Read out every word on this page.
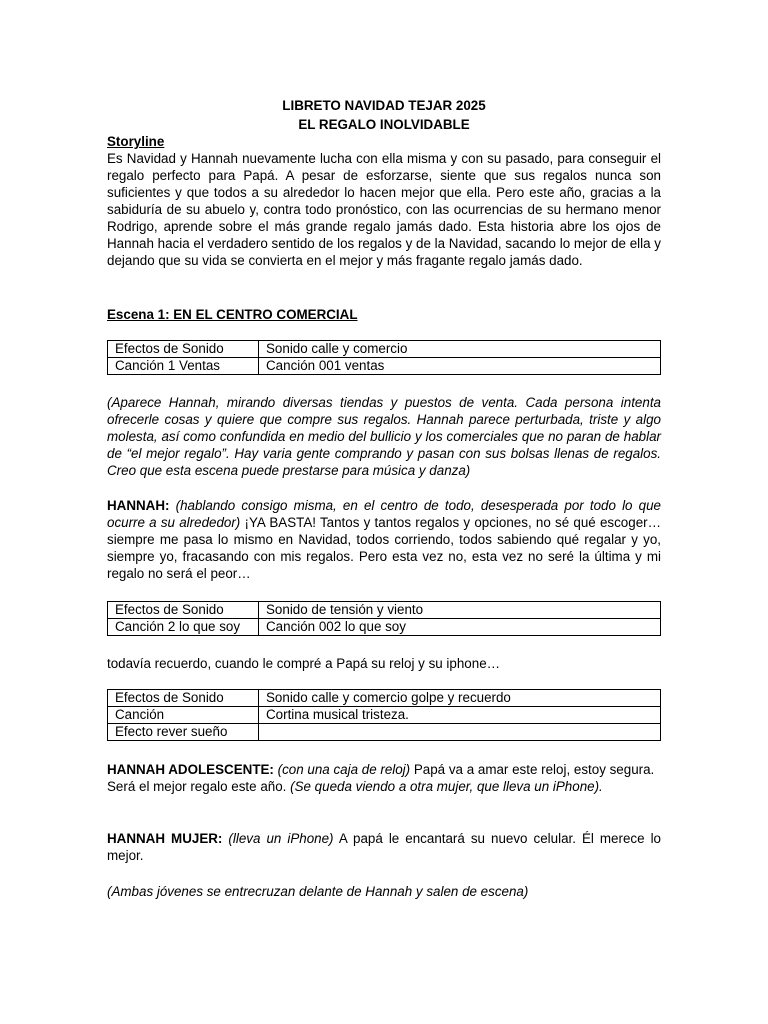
LIBRETO NAVIDAD TEJAR 2025

EL REGALO INOLVIDABLE

Storyline

Es Navidad y Hannah nuevamente lucha con ella misma y con su pasado, para conseguir el regalo perfecto para Papá. A pesar de esforzarse, siente que sus regalos nunca son suficientes y que todos a su alrededor lo hacen mejor que ella. Pero este año, gracias a la sabiduría de su abuelo y, contra todo pronóstico, con las ocurrencias de su hermano menor Rodrigo, aprende sobre el más grande regalo jamás dado. Esta historia abre los ojos de Hannah hacia el verdadero sentido de los regalos y de la Navidad, sacando lo mejor de ella y dejando que su vida se convierta en el mejor y más fragante regalo jamás dado.

Escena 1: EN EL CENTRO COMERCIAL

Efectos de Sonido	Sonido calle y comercio
Canción 1 Ventas	Canción 001 ventas

(Aparece Hannah, mirando diversas tiendas y puestos de venta. Cada persona intenta ofrecerle cosas y quiere que compre sus regalos. Hannah parece perturbada, triste y algo molesta, así como confundida en medio del bullicio y los comerciales que no paran de hablar de “el mejor regalo”. Hay varia gente comprando y pasan con sus bolsas llenas de regalos. Creo que esta escena puede prestarse para música y danza)

HANNAH: (hablando consigo misma, en el centro de todo, desesperada por todo lo que ocurre a su alrededor) ¡YA BASTA! Tantos y tantos regalos y opciones, no sé qué escoger… siempre me pasa lo mismo en Navidad, todos corriendo, todos sabiendo qué regalar y yo, siempre yo, fracasando con mis regalos. Pero esta vez no, esta vez no seré la última y mi regalo no será el peor…

Efectos de Sonido	Sonido de tensión y viento
Canción 2 lo que soy	Canción 002 lo que soy

todavía recuerdo, cuando le compré a Papá su reloj y su iphone…

Efectos de Sonido	Sonido calle y comercio golpe y recuerdo
Canción	Cortina musical tristeza.
Efecto rever sueño	

HANNAH ADOLESCENTE: (con una caja de reloj) Papá va a amar este reloj, estoy segura. Será el mejor regalo este año. (Se queda viendo a otra mujer, que lleva un iPhone).

HANNAH MUJER: (lleva un iPhone) A papá le encantará su nuevo celular. Él merece lo mejor.

(Ambas jóvenes se entrecruzan delante de Hannah y salen de escena)
